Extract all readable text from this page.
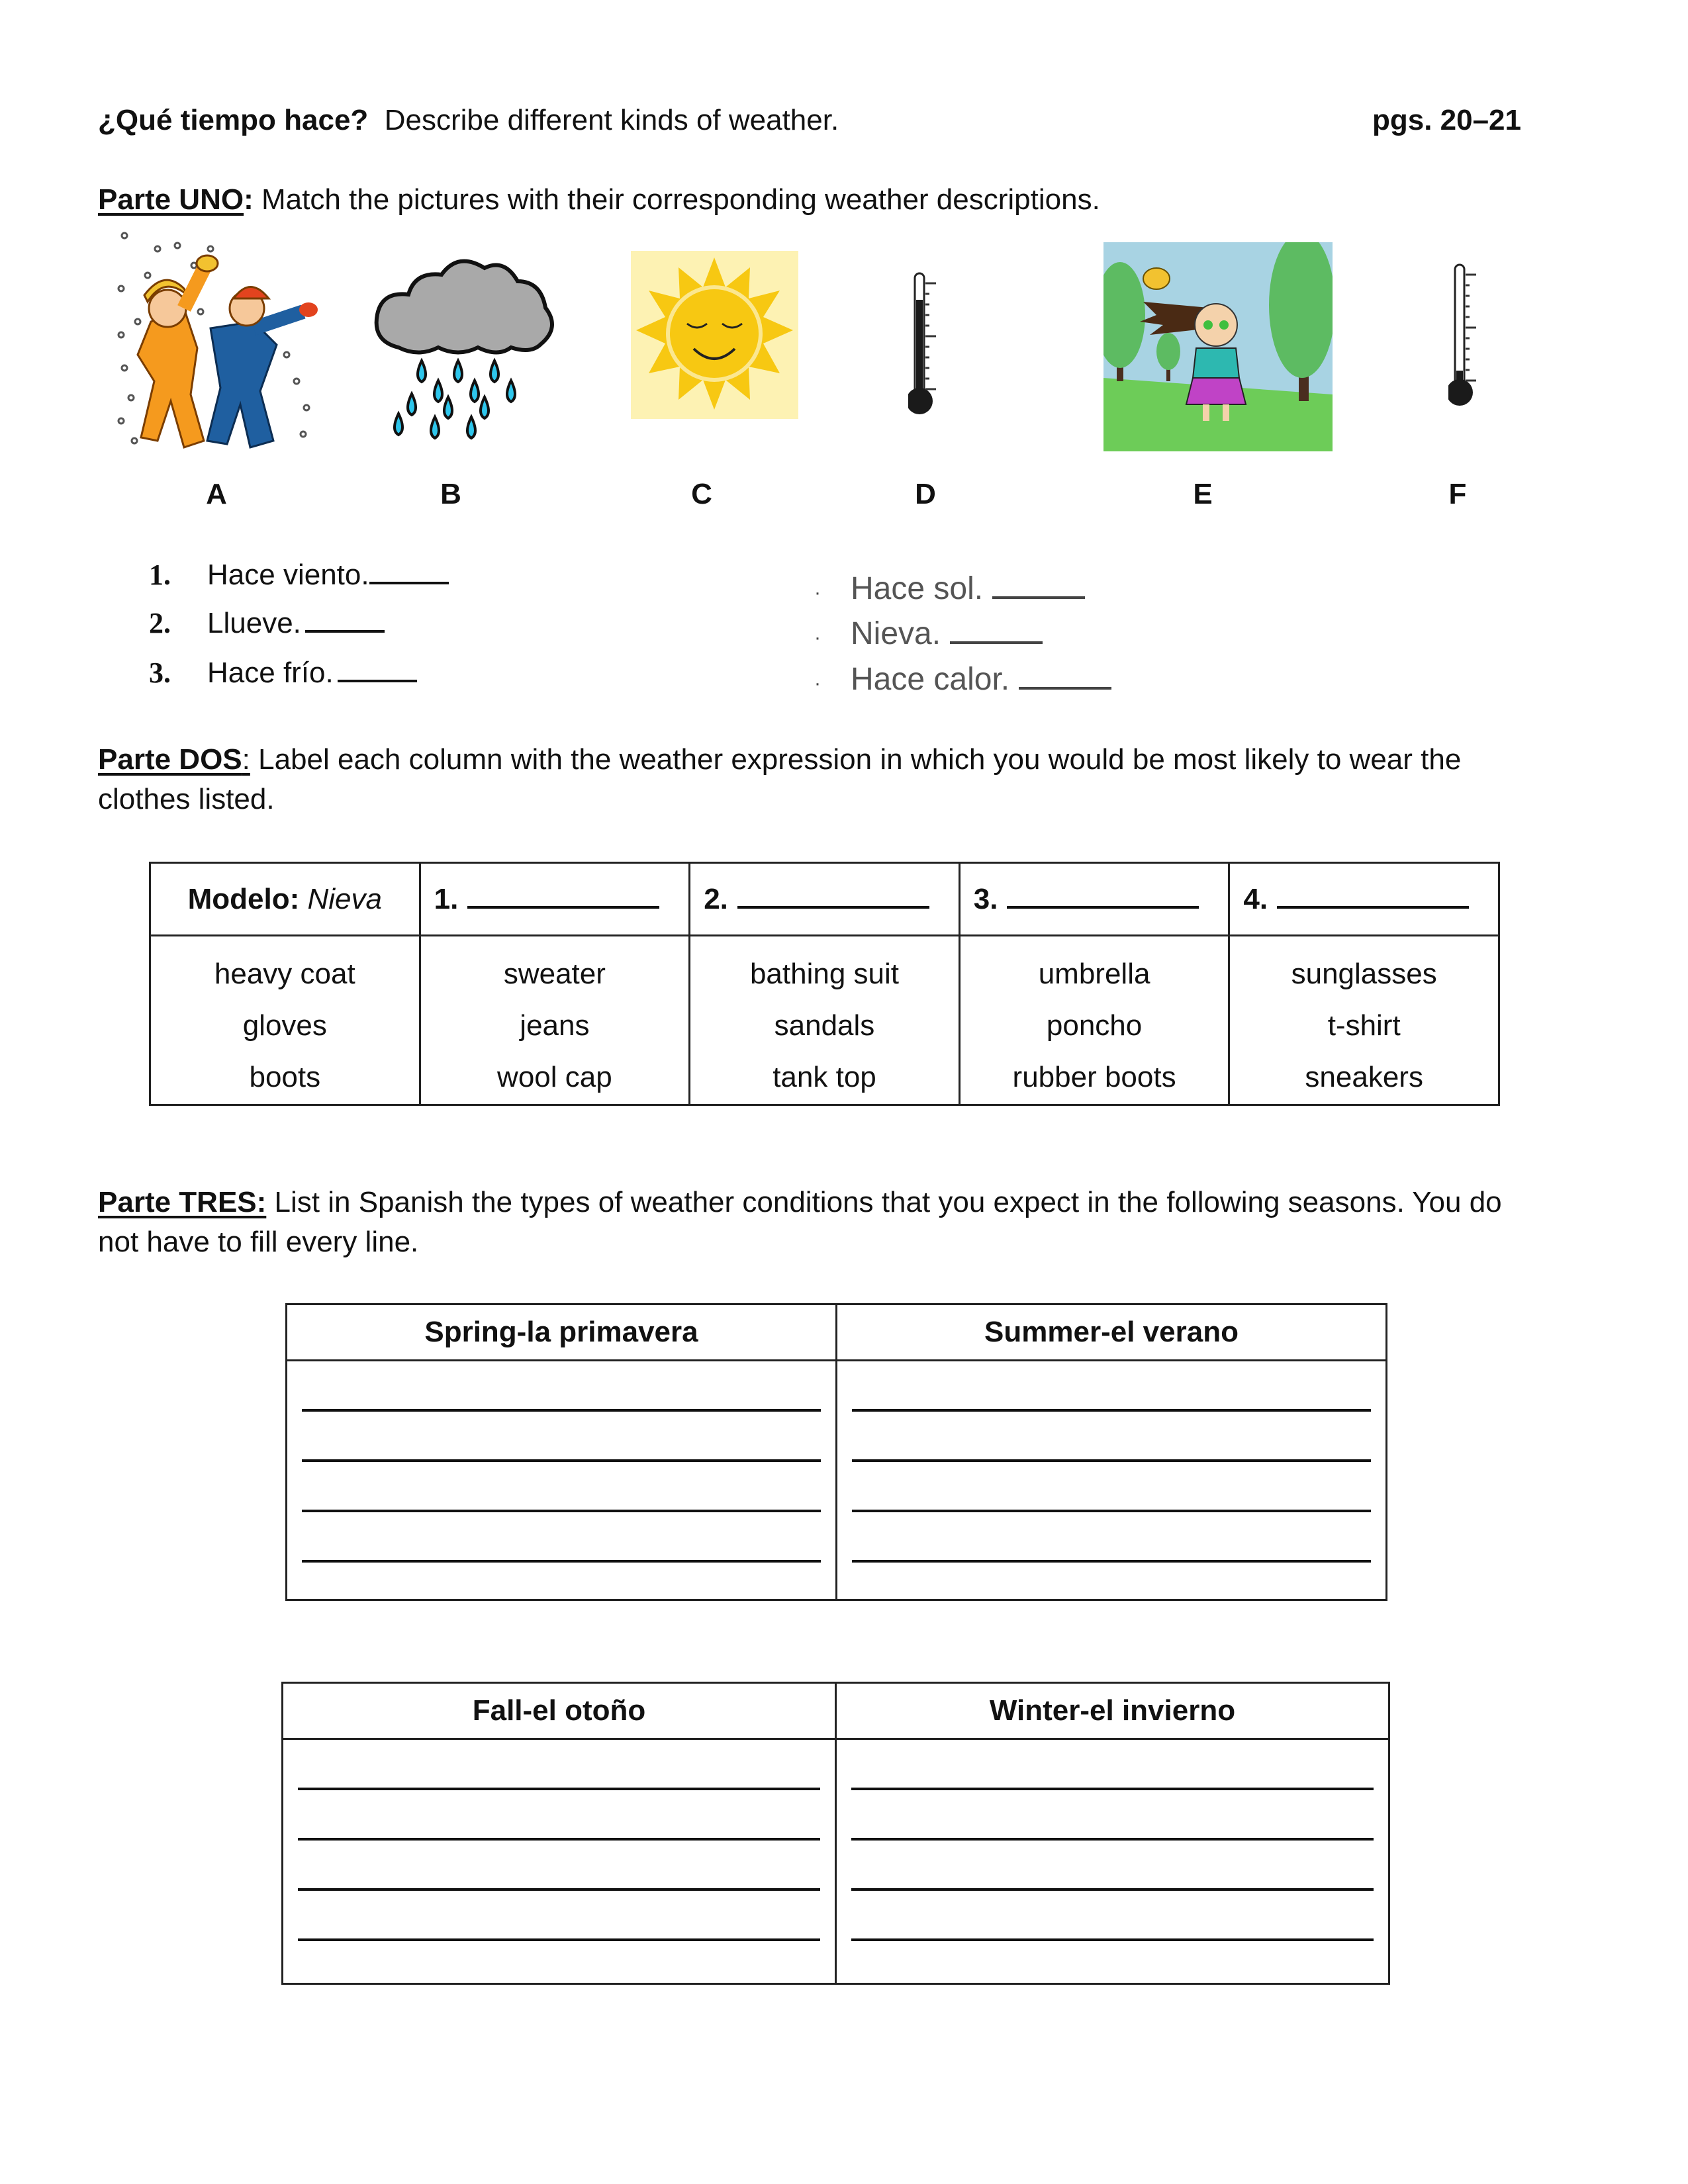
¿Qué tiempo hace? Describe different kinds of weather.	pgs. 20–21
Parte UNO: Match the pictures with their corresponding weather descriptions.
A	B	C	D	E	F
1. Hace viento.
2. Llueve.
3. Hace frío.
· Hace sol.
· Nieva.
· Hace calor.
Parte DOS: Label each column with the weather expression in which you would be most likely to wear the
clothes listed.
Modelo: Nieva	1.	2.	3.	4.

heavy coat
gloves
boots

sweater
jeans
wool cap

bathing suit
sandals
tank top

umbrella
poncho
rubber boots

sunglasses
t-shirt
sneakers
Parte TRES: List in Spanish the types of weather conditions that you expect in the following seasons. You do
not have to fill every line.
Spring-la primavera	Summer-el verano

Fall-el otoño	Winter-el invierno
